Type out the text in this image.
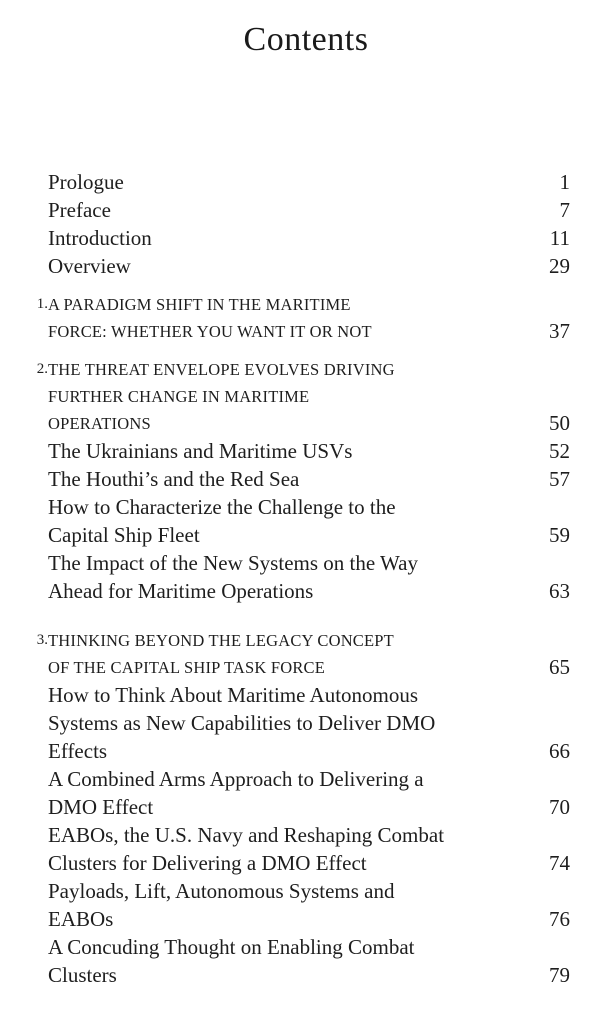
Contents
Prologue	1
Preface	7
Introduction	11
Overview	29
1. A PARADIGM SHIFT IN THE MARITIME
FORCE: WHETHER YOU WANT IT OR NOT	37
2. THE THREAT ENVELOPE EVOLVES DRIVING
FURTHER CHANGE IN MARITIME
OPERATIONS	50
The Ukrainians and Maritime USVs	52
The Houthi’s and the Red Sea	57
How to Characterize the Challenge to the
Capital Ship Fleet	59
The Impact of the New Systems on the Way
Ahead for Maritime Operations	63
3. THINKING BEYOND THE LEGACY CONCEPT
OF THE CAPITAL SHIP TASK FORCE	65
How to Think About Maritime Autonomous
Systems as New Capabilities to Deliver DMO
Effects	66
A Combined Arms Approach to Delivering a
DMO Effect	70
EABOs, the U.S. Navy and Reshaping Combat
Clusters for Delivering a DMO Effect	74
Payloads, Lift, Autonomous Systems and
EABOs	76
A Concuding Thought on Enabling Combat
Clusters	79
